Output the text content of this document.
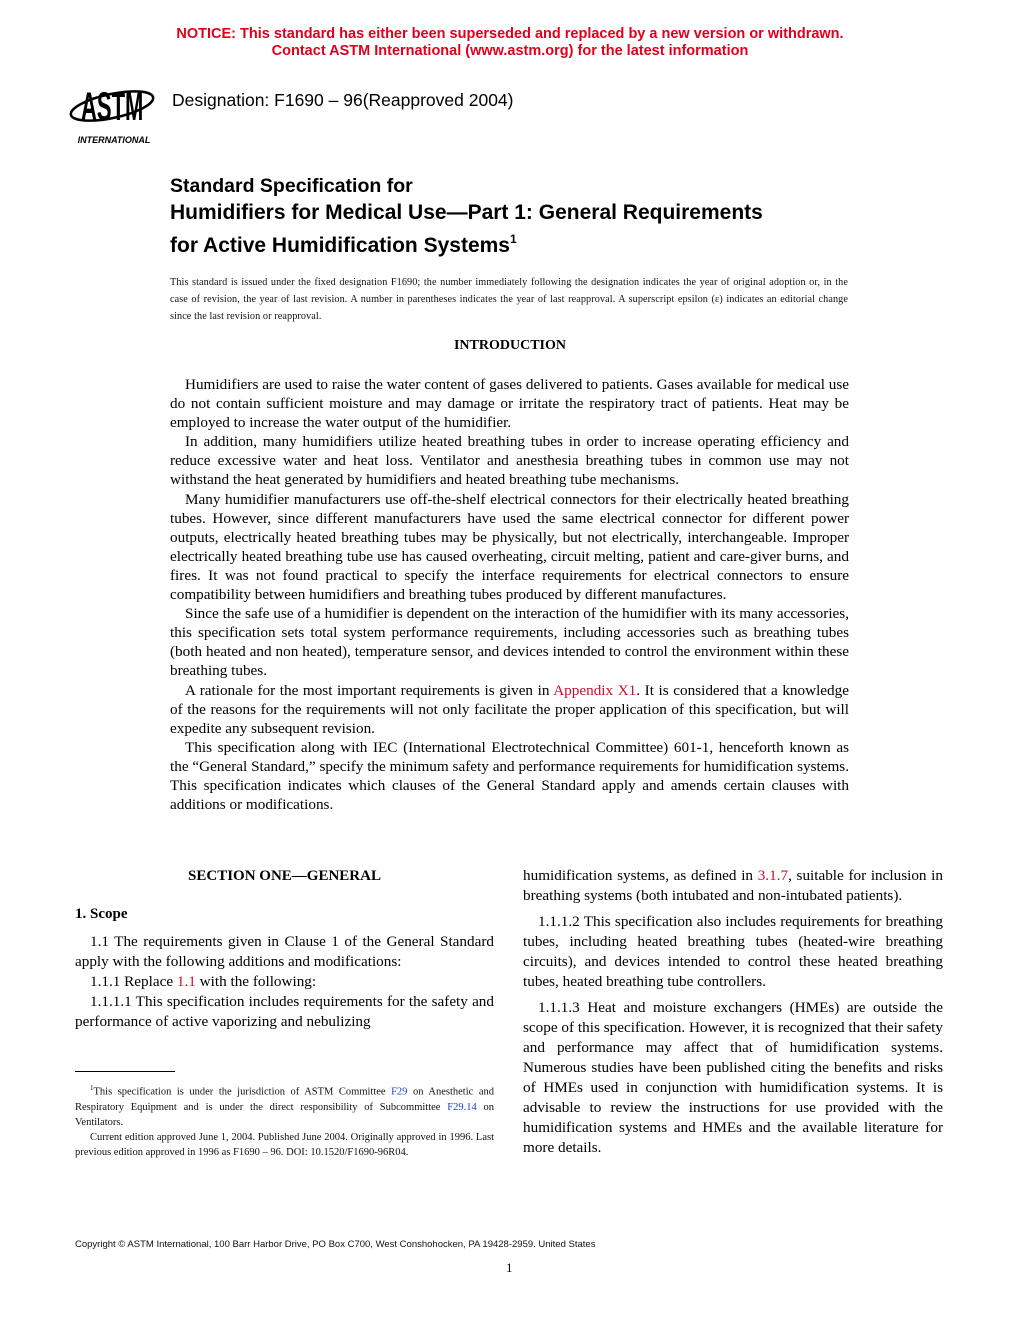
NOTICE: This standard has either been superseded and replaced by a new version or withdrawn.
Contact ASTM International (www.astm.org) for the latest information
ASTM
INTERNATIONAL
Designation: F1690 – 96(Reapproved 2004)
Standard Specification for
Humidifiers for Medical Use—Part 1: General Requirements
for Active Humidification Systems$^1$
This standard is issued under the fixed designation F1690; the number immediately following the designation indicates the year of original adoption or, in the case of revision, the year of last revision. A number in parentheses indicates the year of last reapproval. A superscript epsilon (ε) indicates an editorial change since the last revision or reapproval.
INTRODUCTION

Humidifiers are used to raise the water content of gases delivered to patients. Gases available for medical use do not contain sufficient moisture and may damage or irritate the respiratory tract of patients. Heat may be employed to increase the water output of the humidifier.

In addition, many humidifiers utilize heated breathing tubes in order to increase operating efficiency and reduce excessive water and heat loss. Ventilator and anesthesia breathing tubes in common use may not withstand the heat generated by humidifiers and heated breathing tube mechanisms.

Many humidifier manufacturers use off-the-shelf electrical connectors for their electrically heated breathing tubes. However, since different manufacturers have used the same electrical connector for different power outputs, electrically heated breathing tubes may be physically, but not electrically, interchangeable. Improper electrically heated breathing tube use has caused overheating, circuit melting, patient and care-giver burns, and fires. It was not found practical to specify the interface requirements for electrical connectors to ensure compatibility between humidifiers and breathing tubes produced by different manufactures.

Since the safe use of a humidifier is dependent on the interaction of the humidifier with its many accessories, this specification sets total system performance requirements, including accessories such as breathing tubes (both heated and non heated), temperature sensor, and devices intended to control the environment within these breathing tubes.

A rationale for the most important requirements is given in Appendix X1. It is considered that a knowledge of the reasons for the requirements will not only facilitate the proper application of this specification, but will expedite any subsequent revision.

This specification along with IEC (International Electrotechnical Committee) 601-1, henceforth known as the “General Standard,” specify the minimum safety and performance requirements for humidification systems. This specification indicates which clauses of the General Standard apply and amends certain clauses with additions or modifications.

SECTION ONE—GENERAL

1. Scope

1.1 The requirements given in Clause 1 of the General Standard apply with the following additions and modifications:

1.1.1 Replace 1.1 with the following:

1.1.1.1 This specification includes requirements for the safety and performance of active vaporizing and nebulizing

humidification systems, as defined in 3.1.7, suitable for inclusion in breathing systems (both intubated and non-intubated patients).

1.1.1.2 This specification also includes requirements for breathing tubes, including heated breathing tubes (heated-wire breathing circuits), and devices intended to control these heated breathing tubes, heated breathing tube controllers.

1.1.1.3 Heat and moisture exchangers (HMEs) are outside the scope of this specification. However, it is recognized that their safety and performance may affect that of humidification systems. Numerous studies have been published citing the benefits and risks of HMEs used in conjunction with humidification systems. It is advisable to review the instructions for use provided with the humidification systems and HMEs and the available literature for more details.

$^1$This specification is under the jurisdiction of ASTM Committee F29 on Anesthetic and Respiratory Equipment and is under the direct responsibility of Subcommittee F29.14 on Ventilators.

Current edition approved June 1, 2004. Published June 2004. Originally approved in 1996. Last previous edition approved in 1996 as F1690 – 96. DOI: 10.1520/F1690-96R04.

Copyright © ASTM International, 100 Barr Harbor Drive, PO Box C700, West Conshohocken, PA 19428-2959. United States
1
